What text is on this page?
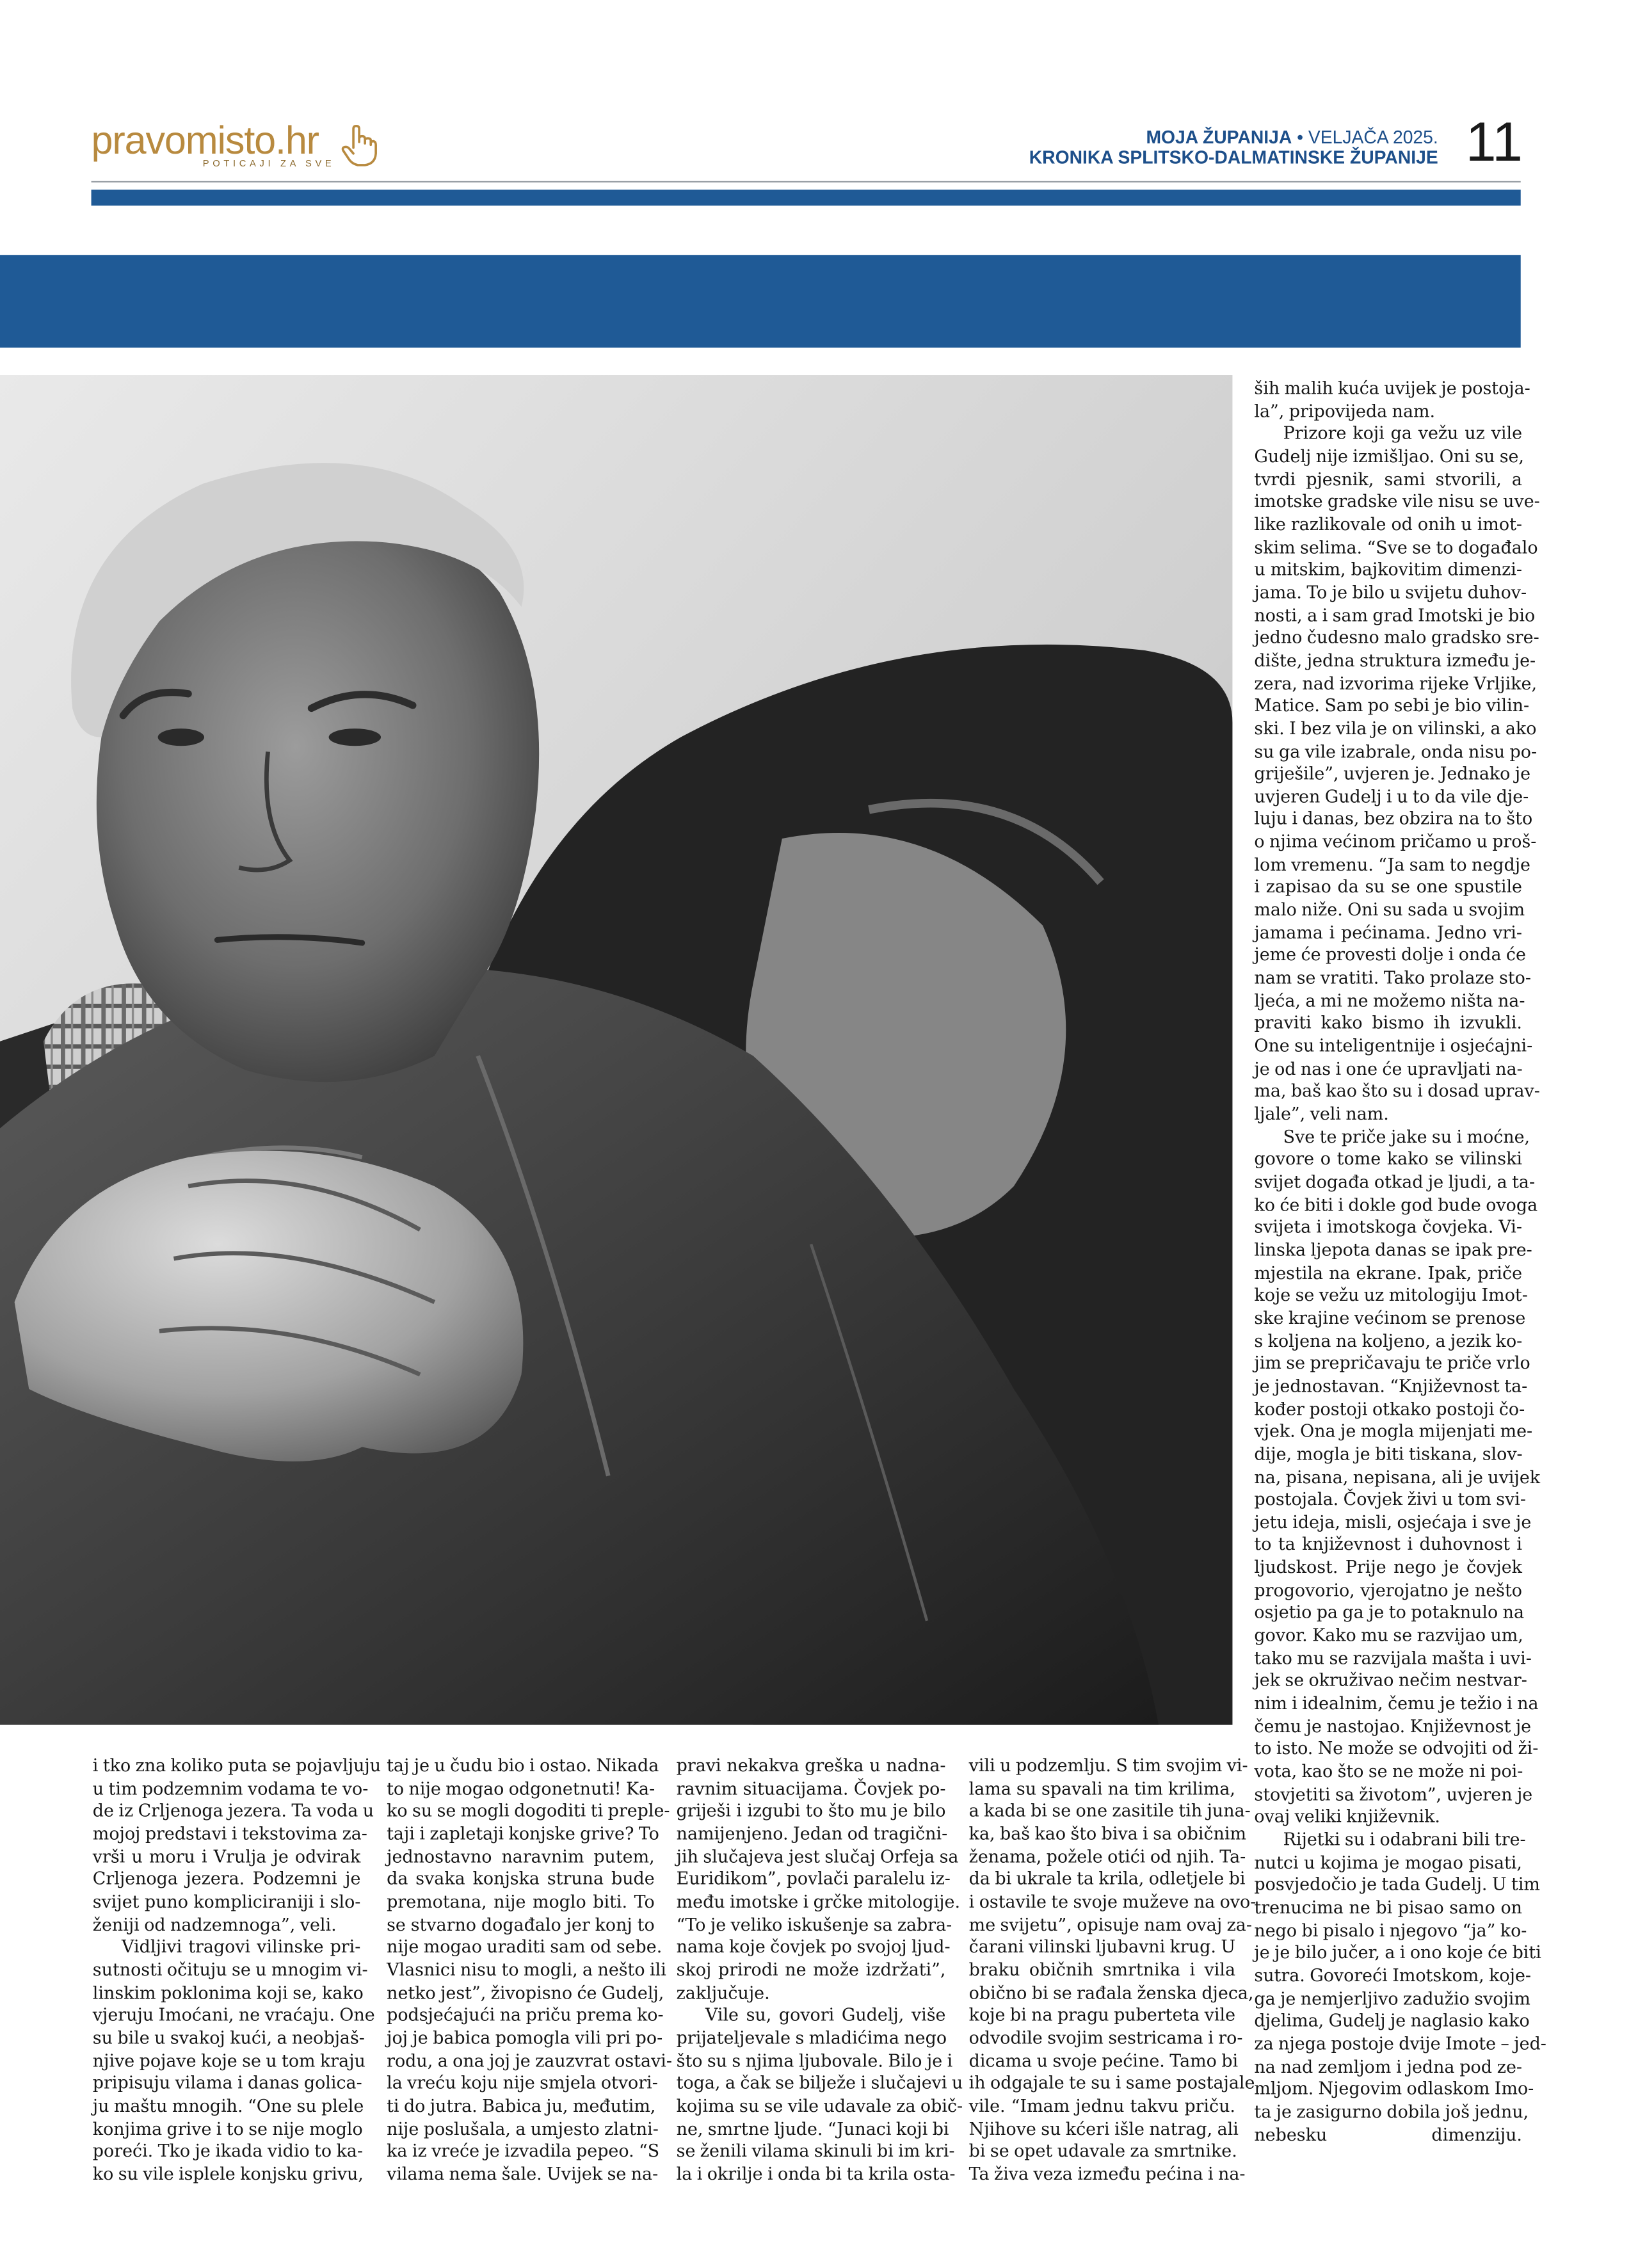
pravomisto.hr
POTICAJI ZA SVE
MOJA ŽUPANIJA • VELJAČA 2025.
KRONIKA SPLITSKO-DALMATINSKE ŽUPANIJE 11
i tko zna koliko puta se pojavljuju
u tim podzemnim vodama te vo-
de iz Crljenoga jezera. Ta voda u
mojoj predstavi i tekstovima za-
vrši u moru i Vrulja je odvirak
Crljenoga jezera. Podzemni je
svijet puno kompliciraniji i slo-
ženiji od nadzemnoga”, veli.
Vidljivi tragovi vilinske pri-
sutnosti očituju se u mnogim vi-
linskim poklonima koji se, kako
vjeruju Imoćani, ne vraćaju. One
su bile u svakoj kući, a neobjaš-
njive pojave koje se u tom kraju
pripisuju vilama i danas golica-
ju maštu mnogih. “One su plele
konjima grive i to se nije moglo
poreći. Tko je ikada vidio to ka-
ko su vile isplele konjsku grivu,
taj je u čudu bio i ostao. Nikada
to nije mogao odgonetnuti! Ka-
ko su se mogli dogoditi ti preple-
taji i zapletaji konjske grive? To
jednostavno naravnim putem,
da svaka konjska struna bude
premotana, nije moglo biti. To
se stvarno događalo jer konj to
nije mogao uraditi sam od sebe.
Vlasnici nisu to mogli, a nešto ili
netko jest”, živopisno će Gudelj,
podsjećajući na priču prema ko-
joj je babica pomogla vili pri po-
rodu, a ona joj je zauzvrat ostavi-
la vreću koju nije smjela otvori-
ti do jutra. Babica ju, međutim,
nije poslušala, a umjesto zlatni-
ka iz vreće je izvadila pepeo. “S
vilama nema šale. Uvijek se na-
pravi nekakva greška u nadna-
ravnim situacijama. Čovjek po-
griješi i izgubi to što mu je bilo
namijenjeno. Jedan od tragični-
jih slučajeva jest slučaj Orfeja sa
Euridikom”, povlači paralelu iz-
među imotske i grčke mitologije.
“To je veliko iskušenje sa zabra-
nama koje čovjek po svojoj ljud-
skoj prirodi ne može izdržati”,
zaključuje.
Vile su, govori Gudelj, više
prijateljevale s mladićima nego
što su s njima ljubovale. Bilo je i
toga, a čak se bilježe i slučajevi u
kojima su se vile udavale za obič-
ne, smrtne ljude. “Junaci koji bi
se ženili vilama skinuli bi im kri-
la i okrilje i onda bi ta krila osta-
vili u podzemlju. S tim svojim vi-
lama su spavali na tim krilima,
a kada bi se one zasitile tih juna-
ka, baš kao što biva i sa običnim
ženama, poželе otići od njih. Ta-
da bi ukrale ta krila, odletjele bi
i ostavile te svoje muževe na ovo-
me svijetu”, opisuje nam ovaj za-
čarani vilinski ljubavni krug. U
braku običnih smrtnika i vila
obično bi se rađala ženska djeca,
koje bi na pragu puberteta vile
odvodile svojim sestricama i ro-
dicama u svoje pećine. Tamo bi
ih odgajale te su i same postajale
vile. “Imam jednu takvu priču.
Njihove su kćeri išle natrag, ali
bi se opet udavale za smrtnike.
Ta živa veza između pećina i na-
ših malih kuća uvijek je postoja-
la”, pripovijeda nam.
Prizore koji ga vežu uz vile
Gudelj nije izmišljao. Oni su se,
tvrdi pjesnik, sami stvorili, a
imotske gradske vile nisu se uve-
like razlikovale od onih u imot-
skim selima. “Sve se to događalo
u mitskim, bajkovitim dimenzi-
jama. To je bilo u svijetu duhov-
nosti, a i sam grad Imotski je bio
jedno čudesno malo gradsko sre-
dište, jedna struktura između je-
zera, nad izvorima rijeke Vrljike,
Matice. Sam po sebi je bio vilin-
ski. I bez vila je on vilinski, a ako
su ga vile izabrale, onda nisu po-
griješile”, uvjeren je. Jednako je
uvjeren Gudelj i u to da vile dje-
luju i danas, bez obzira na to što
o njima većinom pričamo u proš-
lom vremenu. “Ja sam to negdje
i zapisao da su se one spustile
malo niže. Oni su sada u svojim
jamama i pećinama. Jedno vri-
jeme će provesti dolje i onda će
nam se vratiti. Tako prolaze sto-
ljeća, a mi ne možemo ništa na-
praviti kako bismo ih izvukli.
One su inteligentnije i osjećajni-
je od nas i one će upravljati na-
ma, baš kao što su i dosad uprav-
ljale”, veli nam.
Sve te priče jake su i moćne,
govore o tome kako se vilinski
svijet događa otkad je ljudi, a ta-
ko će biti i dokle god bude ovoga
svijeta i imotskoga čovjeka. Vi-
linska ljepota danas se ipak pre-
mjestila na ekrane. Ipak, priče
koje se vežu uz mitologiju Imot-
ske krajine većinom se prenose
s koljena na koljeno, a jezik ko-
jim se prepričavaju te priče vrlo
je jednostavan. “Književnost ta-
kođer postoji otkako postoji čo-
vjek. Ona je mogla mijenjati me-
dije, mogla je biti tiskana, slov-
na, pisana, nepisana, ali je uvijek
postojala. Čovjek živi u tom svi-
jetu ideja, misli, osjećaja i sve je
to ta književnost i duhovnost i
ljudskost. Prije nego je čovjek
progovorio, vjerojatno je nešto
osjetio pa ga je to potaknulo na
govor. Kako mu se razvijao um,
tako mu se razvijala mašta i uvi-
jek se okruživao nečim nestvar-
nim i idealnim, čemu je težio i na
čemu je nastojao. Književnost je
to isto. Ne može se odvojiti od ži-
vota, kao što se ne može ni poi-
stovjetiti sa životom”, uvjeren je
ovaj veliki književnik.
Rijetki su i odabrani bili tre-
nutci u kojima je mogao pisati,
posvjedočio je tada Gudelj. U tim
trenucima ne bi pisao samo on
nego bi pisalo i njegovo “ja” ko-
je je bilo jučer, a i ono koje će biti
sutra. Govoreći Imotskom, koje-
ga je nemjerljivo zadužio svojim
djelima, Gudelj je naglasio kako
za njega postoje dvije Imote – jed-
na nad zemljom i jedna pod ze-
mljom. Njegovim odlaskom Imo-
ta je zasigurno dobila još jednu,
nebesku dimenziju.
